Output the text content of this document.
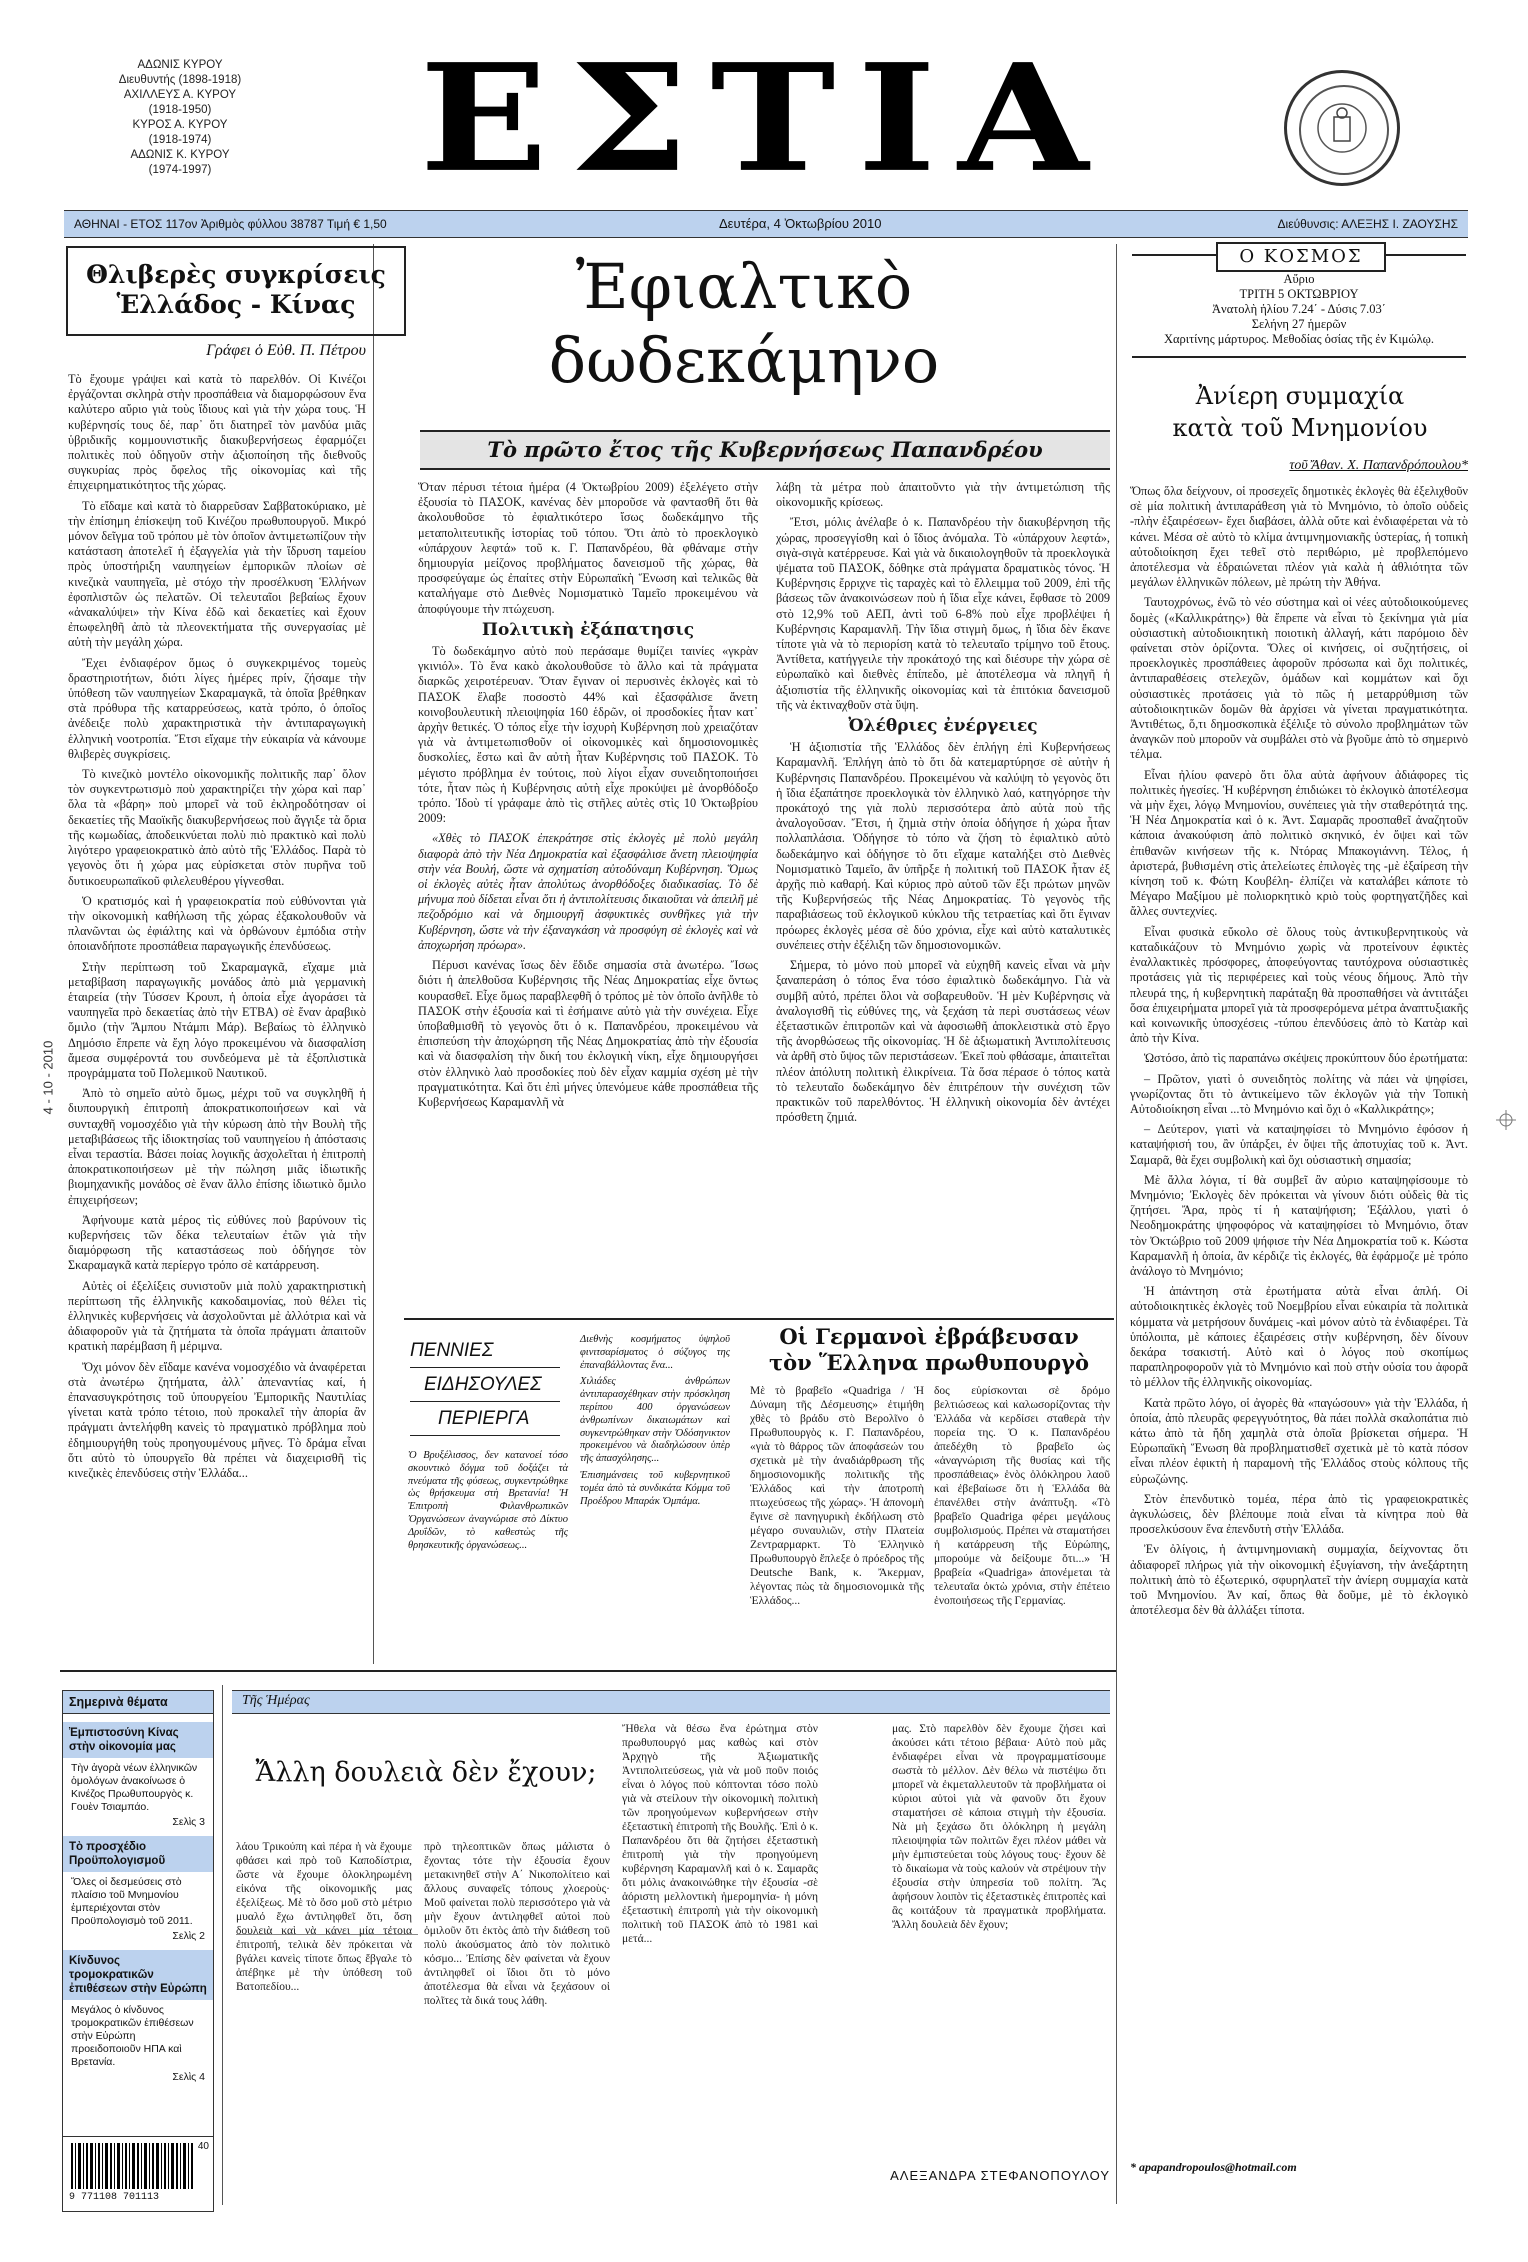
ΑΔΩΝΙΣ ΚΥΡΟΥ
Διευθυντής (1898-1918)
ΑΧΙΛΛΕΥΣ Α. ΚΥΡΟΥ
(1918-1950)
ΚΥΡΟΣ Α. ΚΥΡΟΥ
(1918-1974)
ΑΔΩΝΙΣ Κ. ΚΥΡΟΥ
(1974-1997) ΕΣΤΙΑ
ΑΘΗΝΑΙ - ΕΤΟΣ 117ον Ἀριθμὸς φύλλου 38787 Τιμή € 1,50	Δευτέρα, 4 Ὀκτωβρίου 2010	Διεύθυνσις: ΑΛΕΞΗΣ Ι. ΖΑΟΥΣΗΣ
Θλιβερὲς συγκρίσεις
Ἑλλάδος - Κίνας
Γράφει ὁ Εὐθ. Π. Πέτρου

Τὸ ἔχουμε γράψει καὶ κατὰ τὸ παρελθόν. Οἱ Κινέζοι ἐργάζονται σκληρὰ στὴν προσπάθεια νὰ διαμορφώσουν ἕνα καλύτερο αὔριο γιὰ τοὺς ἴδιους καὶ γιὰ τὴν χώρα τους. Ἡ κυβέρνησίς τους δέ, παρ᾽ ὅτι διατηρεῖ τὸν μανδύα μιᾶς ὑβριδικῆς κομμουνιστικῆς διακυβερνήσεως ἐφαρμόζει πολιτικὲς ποὺ ὁδηγοῦν στὴν ἀξιοποίηση τῆς διεθνοῦς συγκυρίας πρὸς ὄφελος τῆς οἰκονομίας καὶ τῆς ἐπιχειρηματικότητος τῆς χώρας.

Τὸ εἴδαμε καὶ κατὰ τὸ διαρρεῦσαν Σαββατοκύριακο, μὲ τὴν ἐπίσημη ἐπίσκεψη τοῦ Κινέζου πρωθυπουργοῦ. Μικρό μόνον δεῖγμα τοῦ τρόπου μὲ τὸν ὁποῖον ἀντιμετωπίζουν τὴν κατάσταση ἀποτελεῖ ἡ ἐξαγγελία γιὰ τὴν ἵδρυση ταμείου πρὸς ὑποστήριξη ναυπηγείων ἐμπορικῶν πλοίων σὲ κινεζικὰ ναυπηγεῖα, μὲ στόχο τὴν προσέλκυση Ἑλλήνων ἐφοπλιστῶν ὡς πελατῶν. Οἱ τελευταῖοι βεβαίως ἔχουν «ἀνακαλύψει» τὴν Κίνα ἐδῶ καὶ δεκαετίες καὶ ἔχουν ἐπωφεληθῆ ἀπὸ τὰ πλεονεκτήματα τῆς συνεργασίας μὲ αὐτὴ τὴν μεγάλη χώρα.

Ἔχει ἐνδιαφέρον ὅμως ὁ συγκεκριμένος τομεὺς δραστηριοτήτων, διότι λίγες ἡμέρες πρίν, ζήσαμε τὴν ὑπόθεση τῶν ναυπηγείων Σκαραμαγκᾶ, τὰ ὁποῖα βρέθηκαν στὰ πρόθυρα τῆς καταρρεύσεως, κατὰ τρόπο, ὁ ὁποῖος ἀνέδειξε πολὺ χαρακτηριστικὰ τὴν ἀντιπαραγωγικὴ ἑλληνικὴ νοοτροπία. Ἔτσι εἴχαμε τὴν εὐκαιρία νὰ κάνουμε θλιβερὲς συγκρίσεις.

Τὸ κινεζικὸ μοντέλο οἰκονομικῆς πολιτικῆς παρ᾽ ὅλον τὸν συγκεντρωτισμὸ ποὺ χαρακτηρίζει τὴν χώρα καὶ παρ᾽ ὅλα τὰ «βάρη» ποὺ μπορεῖ νὰ τοῦ ἐκληροδότησαν οἱ δεκαετίες τῆς Μαοϊκῆς διακυβερνήσεως ποὺ ἄγγιξε τὰ ὅρια τῆς κωμωδίας, ἀποδεικνύεται πολὺ πιὸ πρακτικὸ καὶ πολὺ λιγότερο γραφειοκρατικὸ ἀπὸ αὐτὸ τῆς Ἑλλάδος. Παρὰ τὸ γεγονὸς ὅτι ἡ χώρα μας εὑρίσκεται στὸν πυρῆνα τοῦ δυτικοευρωπαϊκοῦ φιλελευθέρου γίγνεσθαι.

Ὁ κρατισμός καὶ ἡ γραφειοκρατία ποὺ εὐθύνονται γιὰ τὴν οἰκονομικὴ καθήλωση τῆς χώρας ἐξακολουθοῦν νὰ πλανῶνται ὡς ἐφιάλτης καὶ νὰ ὀρθώνουν ἐμπόδια στὴν ὁποιανδήποτε προσπάθεια παραγωγικῆς ἐπενδύσεως.

Στὴν περίπτωση τοῦ Σκαραμαγκᾶ, εἴχαμε μιὰ μεταβίβαση παραγωγικῆς μονάδος ἀπὸ μιὰ γερμανικὴ ἑταιρεία (τὴν Τύσσεν Κρουπ, ἡ ὁποία εἶχε ἀγοράσει τὰ ναυπηγεῖα πρὸ δεκαετίας ἀπὸ τὴν ΕΤΒΑ) σὲ ἕναν ἀραβικὸ ὅμιλο (τὴν Ἄμπου Ντάμπι Μάρ). Βεβαίως τὸ ἑλληνικὸ Δημόσιο ἔπρεπε νὰ ἔχη λόγο προκειμένου νὰ διασφαλίση ἄμεσα συμφέροντά του συνδεόμενα μὲ τὰ ἐξοπλιστικὰ προγράμματα τοῦ Πολεμικοῦ Ναυτικοῦ.

Ἀπὸ τὸ σημεῖο αὐτὸ ὅμως, μέχρι τοῦ να συγκληθῆ ἡ διυπουργικὴ ἐπιτροπὴ ἀποκρατικοποιήσεων καὶ νὰ συνταχθῆ νομοσχέδιο γιὰ τὴν κύρωση ἀπὸ τὴν Βουλὴ τῆς μεταβιβάσεως τῆς ἰδιοκτησίας τοῦ ναυπηγείου ἡ ἀπόστασις εἶναι τεραστία. Βάσει ποίας λογικῆς ἀσχολεῖται ἡ ἐπιτροπὴ ἀποκρατικοποιήσεων μὲ τὴν πώληση μιᾶς ἰδιωτικῆς βιομηχανικῆς μονάδος σὲ ἕναν ἄλλο ἐπίσης ἰδιωτικὸ ὅμιλο ἐπιχειρήσεων;

Ἀφήνουμε κατὰ μέρος τὶς εὐθύνες ποὺ βαρύνουν τὶς κυβερνήσεις τῶν δέκα τελευταίων ἐτῶν γιὰ τὴν διαμόρφωση τῆς καταστάσεως ποὺ ὁδήγησε τὸν Σκαραμαγκᾶ κατὰ περίεργο τρόπο σὲ κατάρρευση.

Αὐτὲς οἱ ἐξελίξεις συνιστοῦν μιὰ πολὺ χαρακτηριστικὴ περίπτωση τῆς ἑλληνικῆς κακοδαιμονίας, ποὺ θέλει τὶς ἑλληνικὲς κυβερνήσεις νὰ ἀσχολοῦνται μὲ ἀλλότρια καὶ νὰ ἀδιαφοροῦν γιὰ τὰ ζητήματα τὰ ὁποῖα πράγματι ἀπαιτοῦν κρατικὴ παρέμβαση ἢ μέριμνα.

Ὄχι μόνον δὲν εἴδαμε κανένα νομοσχέδιο νὰ ἀναφέρεται στὰ ἀνωτέρω ζητήματα, ἀλλ᾽ ἀπεναντίας καί, ἡ ἐπανασυγκρότησις τοῦ ὑπουργείου Ἐμπορικῆς Ναυτιλίας γίνεται κατὰ τρόπο τέτοιο, ποὺ προκαλεῖ τὴν ἀπορία ἂν πράγματι ἀντελήφθη κανεὶς τὸ πραγματικὸ πρόβλημα ποὺ ἐδημιουργήθη τοὺς προηγουμένους μῆνες. Τὸ δράμα εἶναι ὅτι αὐτὸ τὸ ὑπουργεῖο θὰ πρέπει νὰ διαχειρισθῆ τὶς κινεζικὲς ἐπενδύσεις στὴν Ἑλλάδα...

4 - 10 - 2010
Ἐφιαλτικὸ
δωδεκάμηνο
Τὸ πρῶτο ἔτος τῆς Κυβερνήσεως Παπανδρέου

Ὅταν πέρυσι τέτοια ἡμέρα (4 Ὀκτωβρίου 2009) ἐξελέγετο στὴν ἐξουσία τὸ ΠΑΣΟΚ, κανένας δὲν μποροῦσε νὰ φαντασθῆ ὅτι θὰ ἀκολουθοῦσε τὸ ἐφιαλτικότερο ἴσως δωδεκάμηνο τῆς μεταπολιτευτικῆς ἱστορίας τοῦ τόπου. Ὅτι ἀπὸ τὸ προεκλογικὸ «ὑπάρχουν λεφτά» τοῦ κ. Γ. Παπανδρέου, θὰ φθάναμε στὴν δημιουργία μείζονος προβλήματος δανεισμοῦ τῆς χώρας, θὰ προσφεύγαμε ὡς ἐπαίτες στὴν Εὐρωπαϊκὴ Ἕνωση καὶ τελικῶς θὰ καταλήγαμε στὸ Διεθνὲς Νομισματικὸ Ταμεῖο προκειμένου νὰ ἀποφύγουμε τὴν πτώχευση.

Πολιτικὴ ἐξάπατησις

Τὸ δωδεκάμηνο αὐτὸ ποὺ περάσαμε θυμίζει ταινίες «γκρὰν γκινιόλ». Τὸ ἕνα κακὸ ἀκολουθοῦσε τὸ ἄλλο καὶ τὰ πράγματα διαρκῶς χειροτέρευαν. Ὅταν ἔγιναν οἱ περυσινὲς ἐκλογὲς καὶ τὸ ΠΑΣΟΚ ἔλαβε ποσοστὸ 44% καὶ ἐξασφάλισε ἄνετη κοινοβουλευτικὴ πλειοψηφία 160 ἑδρῶν, οἱ προσδοκίες ἦταν κατ᾽ ἀρχὴν θετικές. Ὁ τόπος εἶχε τὴν ἰσχυρὴ Κυβέρνηση ποὺ χρειαζόταν γιὰ νὰ ἀντιμετωπισθοῦν οἱ οἰκονομικὲς καὶ δημοσιονομικὲς δυσκολίες, ἔστω καὶ ἂν αὐτὴ ἦταν Κυβέρνησις τοῦ ΠΑΣΟΚ. Τὸ μέγιστο πρόβλημα ἐν τούτοις, ποὺ λίγοι εἶχαν συνειδητοποιήσει τότε, ἦταν πὼς ἡ Κυβέρνησις αὐτὴ εἶχε προκύψει μὲ ἀνορθόδοξο τρόπο. Ἰδοὺ τί γράφαμε ἀπὸ τὶς στῆλες αὐτὲς στὶς 10 Ὀκτωβρίου 2009:

«Χθὲς τὸ ΠΑΣΟΚ ἐπεκράτησε στὶς ἐκλογὲς μὲ πολὺ μεγάλη διαφορὰ ἀπὸ τὴν Νέα Δημοκρατία καὶ ἐξασφάλισε ἄνετη πλειοψηφία στὴν νέα Βουλή, ὥστε νὰ σχηματίση αὐτοδύναμη Κυβέρνηση. Ὅμως οἱ ἐκλογὲς αὐτὲς ἦταν ἀπολύτως ἀνορθόδοξες διαδικασίας. Τὸ δὲ μήνυμα ποὺ δίδεται εἶναι ὅτι ἡ ἀντιπολίτευσις δικαιοῦται νὰ ἀπειλῆ μὲ πεζοδρόμιο καὶ νὰ δημιουργῆ ἀσφυκτικὲς συνθῆκες γιὰ τὴν Κυβέρνηση, ὥστε νὰ τὴν ἐξαναγκάση νὰ προσφύγη σὲ ἐκλογὲς καὶ νὰ ἀποχωρήση πρόωρα».

Πέρυσι κανένας ἴσως δὲν ἔδιδε σημασία στὰ ἀνωτέρω. Ἴσως διότι ἡ ἀπελθοῦσα Κυβέρνησις τῆς Νέας Δημοκρατίας εἶχε ὄντως κουρασθεῖ. Εἶχε ὅμως παραβλεφθῆ ὁ τρόπος μὲ τὸν ὁποῖο ἀνῆλθε τὸ ΠΑΣΟΚ στὴν ἐξουσία καὶ τὶ ἐσήμαινε αὐτὸ γιὰ τὴν συνέχεια. Εἶχε ὑποβαθμισθῆ τὸ γεγονὸς ὅτι ὁ κ. Παπανδρέου, προκειμένου νὰ ἐπισπεύση τὴν ἀποχώρηση τῆς Νέας Δημοκρατίας ἀπὸ τὴν ἐξουσία καὶ νὰ διασφαλίση τὴν δική του ἐκλογικὴ νίκη, εἶχε δημιουργήσει στὸν ἑλληνικὸ λαὸ προσδοκίες ποὺ δὲν εἶχαν καμμία σχέση μὲ τὴν πραγματικότητα. Καὶ ὅτι ἐπὶ μήνες ὑπενόμευε κάθε προσπάθεια τῆς Κυβερνήσεως Καραμανλῆ νὰ

λάβη τὰ μέτρα ποὺ ἀπαιτοῦντο γιὰ τὴν ἀντιμετώπιση τῆς οἰκονομικῆς κρίσεως.

Ἔτσι, μόλις ἀνέλαβε ὁ κ. Παπανδρέου τὴν διακυβέρνηση τῆς χώρας, προσεγγίσθη καὶ ὁ ἴδιος ἀνόμαλα. Τὸ «ὑπάρχουν λεφτά», σιγὰ-σιγὰ κατέρρευσε. Καὶ γιὰ νὰ δικαιολογηθοῦν τὰ προεκλογικὰ ψέματα τοῦ ΠΑΣΟΚ, δόθηκε στὰ πράγματα δραματικὸς τόνος. Ἡ Κυβέρνησις ἔρριχνε τὶς ταραχὲς καὶ τὸ ἔλλειμμα τοῦ 2009, ἐπὶ τῆς βάσεως τῶν ἀνακοινώσεων ποὺ ἡ ἴδια εἶχε κάνει, ἔφθασε τὸ 2009 στὸ 12,9% τοῦ ΑΕΠ, ἀντὶ τοῦ 6-8% ποὺ εἶχε προβλέψει ἡ Κυβέρνησις Καραμανλῆ. Τὴν ἴδια στιγμὴ ὅμως, ἡ ἴδια δὲν ἔκανε τίποτε γιὰ νὰ τὸ περιορίση κατὰ τὸ τελευταῖο τρίμηνο τοῦ ἔτους. Ἀντίθετα, κατήγγειλε τὴν προκάτοχό της καὶ διέσυρε τὴν χώρα σὲ εὐρωπαϊκὸ καὶ διεθνὲς ἐπίπεδο, μὲ ἀποτέλεσμα νὰ πληγῆ ἡ ἀξιοπιστία τῆς ἑλληνικῆς οἰκονομίας καὶ τὰ ἐπιτόκια δανεισμοῦ τῆς νὰ ἐκτιναχθοῦν στὰ ὕψη.

Ὀλέθριες ἐνέργειες

Ἡ ἀξιοπιστία τῆς Ἑλλάδος δὲν ἐπλήγη ἐπὶ Κυβερνήσεως Καραμανλῆ. Ἐπλήγη ἀπὸ τὸ ὅτι δὰ κατεμαρτύρησε σὲ αὐτὴν ἡ Κυβέρνησις Παπανδρέου. Προκειμένου νὰ καλύψη τὸ γεγονὸς ὅτι ἡ ἴδια ἐξαπάτησε προεκλογικὰ τὸν ἑλληνικὸ λαό, κατηγόρησε τὴν προκάτοχό της γιὰ πολὺ περισσότερα ἀπὸ αὐτὰ ποὺ τῆς ἀναλογοῦσαν. Ἔτσι, ἡ ζημιὰ στὴν ὁποία ὁδήγησε ἡ χώρα ἦταν πολλαπλάσια. Ὁδήγησε τὸ τόπο νὰ ζήση τὸ ἐφιαλτικὸ αὐτὸ δωδεκάμηνο καὶ ὁδήγησε τὸ ὅτι εἴχαμε καταλήξει στὸ Διεθνὲς Νομισματικὸ Ταμεῖο, ἂν ὑπῆρξε ἡ πολιτική τοῦ ΠΑΣΟΚ ἦταν ἐξ ἀρχῆς πιὸ καθαρή. Καὶ κύριος πρὸ αὐτοῦ τῶν ἔξι πρώτων μηνῶν τῆς Κυβερνήσεώς τῆς Νέας Δημοκρατίας. Τὸ γεγονὸς τῆς παραβιάσεως τοῦ ἐκλογικοῦ κύκλου τῆς τετραετίας καὶ ὅτι ἔγιναν πρόωρες ἐκλογὲς μέσα σὲ δύο χρόνια, εἶχε καὶ αὐτὸ καταλυτικὲς συνέπειες στὴν ἐξέλιξη τῶν δημοσιονομικῶν.

Σήμερα, τὸ μόνο ποὺ μπορεῖ νὰ εὐχηθῆ κανεὶς εἶναι νὰ μὴν ξαναπεράση ὁ τόπος ἕνα τόσο ἐφιαλτικὸ δωδεκάμηνο. Γιὰ νὰ συμβῆ αὐτό, πρέπει ὅλοι νὰ σοβαρευθοῦν. Ἡ μὲν Κυβέρνησις νὰ ἀναλογισθῆ τὶς εὐθύνες της, νὰ ξεχάση τὰ περὶ συστάσεως νέων ἐξεταστικῶν ἐπιτροπῶν καὶ νὰ ἀφοσιωθῆ ἀποκλειστικὰ στὸ ἔργο τῆς ἀνορθώσεως τῆς οἰκονομίας. Ἡ δὲ ἀξιωματικὴ Ἀντιπολίτευσις νὰ ἀρθῆ στὸ ὕψος τῶν περιστάσεων. Ἐκεῖ ποὺ φθάσαμε, ἀπαιτεῖται πλέον ἀπόλυτη πολιτικὴ ἐλικρίνεια. Τὰ ὅσα πέρασε ὁ τόπος κατὰ τὸ τελευταῖο δωδεκάμηνο δὲν ἐπιτρέπουν τὴν συνέχιση τῶν πρακτικῶν τοῦ παρελθόντος. Ἡ ἑλληνικὴ οἰκονομία δὲν ἀντέχει πρόσθετη ζημιά.

ΠΕΝΝΙΕΣ
ΕΙΔΗΣΟΥΛΕΣ
ΠΕΡΙΕΡΓΑ

Ὁ Βρυξέλισσος, δεν κατανοεί τόσο σκουντικὸ δόγμα τοῦ δοξάζει τὰ πνεύματα τῆς φύσεως, συγκεντρώθηκε ὡς θρήσκευμα στὴ Βρετανία! Ἡ Ἐπιτροπὴ Φιλανθρωπικῶν Ὀργανώσεων ἀναγνώρισε στὸ Δίκτυο Δρυΐδῶν, τὸ καθεστὼς τῆς θρησκευτικῆς ὀργανώσεως...

Διεθνὴς κοσμήματος ὑψηλοῦ φινιτσαρίσματος ὁ σύζυγος της ἐπαναβάλλοντας ἕνα...

Χιλιάδες ἀνθρώπων ἀντιπαρασχέθηκαν στὴν πρόσκληση περίπου 400 ὀργανώσεων ἀνθρωπίνων δικαιωμάτων καὶ συγκεντρώθηκαν στὴν Ὀδόσηνικτον προκειμένου νὰ διαδηλώσουν ὑπὲρ τῆς ἀπασχόλησης...

Ἐπισημάνσεις τοῦ κυβερνητικοῦ τομέα ἀπὸ τὰ συνδικάτα Κόμμα τοῦ Προέδρου Μπαράκ Ὀμπάμα.

Οἱ Γερμανοὶ ἐβράβευσαν
τὸν Ἕλληνα πρωθυπουργὸ

Μὲ τὸ βραβεῖο «Quadriga / Ἡ Δύναμη τῆς Δέσμευσης» ἐτιμήθη χθὲς τὸ βράδυ στὸ Βερολῖνο ὁ Πρωθυπουργὸς κ. Γ. Παπανδρέου, «γιὰ τὸ θάρρος τῶν ἀποφάσεών του σχετικὰ μὲ τὴν ἀναδιάρθρωση τῆς δημοσιονομικῆς πολιτικῆς τῆς Ἑλλάδος καὶ τὴν ἀποτροπὴ πτωχεύσεως τῆς χώρας». Ἡ ἀπονομὴ ἔγινε σὲ πανηγυρικὴ ἐκδήλωση στὸ μέγαρο συναυλιῶν, στὴν Πλατεία Ζεντραρμαρκτ. Τὸ Ἑλληνικὸ Πρωθυπουργὸ ἔπλεξε ὁ πρόεδρος τῆς Deutsche Bank, κ. Ἄκερμαν, λέγοντας πὼς τὰ δημοσιονομικὰ τῆς Ἑλλάδος...

δος εὑρίσκονται σὲ δρόμο βελτιώσεως καὶ καλωσορίζοντας τὴν Ἑλλάδα νὰ κερδίσει σταθερὰ τὴν πορεία της. Ὁ κ. Παπανδρέου ἀπεδέχθη τὸ βραβεῖο ὡς «ἀναγνώριση τῆς θυσίας καὶ τῆς προσπάθειας» ἑνὸς ὁλόκληρου λαοῦ καὶ ἐβεβαίωσε ὅτι ἡ Ἑλλάδα θὰ ἐπανέλθει στὴν ἀνάπτυξη. «Τὸ βραβεῖο Quadriga φέρει μεγάλους συμβολισμούς. Πρέπει νὰ σταματήσει ἡ κατάρρευση τῆς Εὐρώπης, μπορούμε νὰ δείξουμε ὅτι...» Ἡ βραβεία «Quadriga» ἀπονέμεται τὰ τελευταῖα ὀκτὼ χρόνια, στὴν ἐπέτειο ἑνοποιήσεως τῆς Γερμανίας.

Ο ΚΟΣΜΟΣ
Αὔριο
ΤΡΙΤΗ 5 ΟΚΤΩΒΡΙΟΥ
Ἀνατολὴ ἡλίου 7.24΄ - Δύσις 7.03΄
Σελήνη 27 ἡμερῶν
Χαριτίνης μάρτυρος. Μεθοδίας ὁσίας τῆς ἐν Κιμώλῳ.
Ἀνίερη συμμαχία
κατὰ τοῦ Μνημονίου
τοῦ Ἄθαν. Χ. Παπανδρόπουλου*

Ὅπως ὅλα δείχνουν, οἱ προσεχεῖς δημοτικὲς ἐκλογὲς θὰ ἐξελιχθοῦν σὲ μία πολιτικὴ ἀντιπαράθεση γιὰ τὸ Μνημόνιο, τὸ ὁποῖο οὐδεὶς -πλὴν ἐξαιρέσεων- ἔχει διαβάσει, ἀλλὰ οὔτε καὶ ἐνδιαφέρεται νὰ τὸ κάνει. Μέσα σὲ αὐτὸ τὸ κλίμα ἀντιμνημονιακῆς ὑστερίας, ἡ τοπικὴ αὐτοδιοίκηση ἔχει τεθεῖ στὸ περιθώριο, μὲ προβλεπόμενο ἀποτέλεσμα νὰ ἑδραιώνεται πλέον γιὰ καλὰ ἡ ἀθλιότητα τῶν μεγάλων ἑλληνικῶν πόλεων, μὲ πρώτη τὴν Ἀθήνα.

Ταυτοχρόνως, ἐνῶ τὸ νέο σύστημα καὶ οἱ νέες αὐτοδιοικούμενες δομὲς («Καλλικράτης») θὰ ἔπρεπε νὰ εἶναι τὸ ξεκίνημα γιὰ μία οὐσιαστικὴ αὐτοδιοικητικὴ ποιοτικὴ ἀλλαγή, κάτι παρόμοιο δὲν φαίνεται στὸν ὁρίζοντα. Ὅλες οἱ κινήσεις, οἱ συζητήσεις, οἱ προεκλογικὲς προσπάθειες ἀφοροῦν πρόσωπα καὶ ὄχι πολιτικές, ἀντιπαραθέσεις στελεχῶν, ὁμάδων καὶ κομμάτων καὶ ὄχι οὐσιαστικὲς προτάσεις γιὰ τὸ πῶς ἡ μεταρρύθμιση τῶν αὐτοδιοικητικῶν δομῶν θὰ ἀρχίσει νὰ γίνεται πραγματικότητα. Ἀντιθέτως, ὅ,τι δημοσκοπικὰ ἐξέλιξε τὸ σύνολο προβλημάτων τῶν ἀναγκῶν ποὺ μποροῦν νὰ συμβάλει στὸ νὰ βγοῦμε ἀπὸ τὸ σημερινὸ τέλμα.

Εἶναι ἠλίου φανερὸ ὅτι ὅλα αὐτὰ ἀφήνουν ἀδιάφορες τὶς πολιτικὲς ἡγεσίες. Ἡ κυβέρνηση ἐπιδιώκει τὸ ἐκλογικὸ ἀποτέλεσμα νὰ μὴν ἔχει, λόγῳ Μνημονίου, συνέπειες γιὰ τὴν σταθερότητά της. Ἡ Νέα Δημοκρατία καὶ ὁ κ. Ἀντ. Σαμαρᾶς προσπαθεῖ ἀναζητοῦν κάποια ἀνακούφιση ἀπὸ πολιτικὸ σκηνικό, ἐν ὄψει καὶ τῶν ἐπιθανῶν κινήσεων τῆς κ. Ντόρας Μπακογιάννη. Τέλος, ἡ ἀριστερά, βυθισμένη στὶς ἀτελείωτες ἐπιλογὲς της -μὲ ἐξαίρεση τὴν κίνηση τοῦ κ. Φώτη Κουβέλη- ἐλπίζει νὰ καταλάβει κάποτε τὸ Μέγαρο Μαξίμου μὲ πολιορκητικὸ κριὸ τοὺς φορτηγατζῆδες καὶ ἄλλες συντεχνίες.

Εἶναι φυσικὰ εὔκολο σὲ ὅλους τοὺς ἀντικυβερνητικοὺς νὰ καταδικάζουν τὸ Μνημόνιο χωρὶς νὰ προτείνουν ἐφικτὲς ἐναλλακτικὲς πρόσφορες, ἀποφεύγοντας ταυτόχρονα οὐσιαστικὲς προτάσεις γιὰ τὶς περιφέρειες καὶ τοὺς νέους δήμους. Ἀπὸ τὴν πλευρά της, ἡ κυβερνητικὴ παράταξη θὰ προσπαθήσει νὰ ἀντιτάξει ὅσα ἐπιχειρήματα μπορεῖ γιὰ τὰ προσφερόμενα μέτρα ἀναπτυξιακῆς καὶ κοινωνικῆς ὑποσχέσεις -τύπου ἐπενδύσεις ἀπὸ τὸ Κατὰρ καὶ ἀπὸ τὴν Κίνα.

Ὡστόσο, ἀπὸ τὶς παραπάνω σκέψεις προκύπτουν δύο ἐρωτήματα:

– Πρῶτον, γιατὶ ὁ συνειδητὸς πολίτης νὰ πάει νὰ ψηφίσει, γνωρίζοντας ὅτι τὸ ἀντικείμενο τῶν ἐκλογῶν γιὰ τὴν Τοπικὴ Αὐτοδιοίκηση εἶναι ...τὸ Μνημόνιο καὶ ὄχι ὁ «Καλλικράτης»;

– Δεύτερον, γιατὶ νὰ καταψηφίσει τὸ Μνημόνιο ἐφόσον ἡ καταψήφισή του, ἂν ὑπάρξει, ἐν ὄψει τῆς ἀποτυχίας τοῦ κ. Ἀντ. Σαμαρᾶ, θὰ ἔχει συμβολικὴ καὶ ὄχι οὐσιαστικὴ σημασία;

Μὲ ἄλλα λόγια, τί θὰ συμβεῖ ἂν αὐριο καταψηφίσουμε τὸ Μνημόνιο; Ἐκλογὲς δὲν πρόκειται νὰ γίνουν διότι οὐδεὶς θὰ τὶς ζητήσει. Ἄρα, πρὸς τί ἡ καταψήφιση; Ἐξάλλου, γιατὶ ὁ Νεοδημοκράτης ψηφοφόρος νὰ καταψηφίσει τὸ Μνημόνιο, ὅταν τὸν Ὀκτώβριο τοῦ 2009 ψήφισε τὴν Νέα Δημοκρατία τοῦ κ. Κώστα Καραμανλῆ ἡ ὁποία, ἂν κέρδιζε τὶς ἐκλογές, θὰ ἐφάρμοζε μὲ τρόπο ἀνάλογο τὸ Μνημόνιο;

Ἡ ἀπάντηση στὰ ἐρωτήματα αὐτὰ εἶναι ἁπλή. Οἱ αὐτοδιοικητικὲς ἐκλογὲς τοῦ Νοεμβρίου εἶναι εὐκαιρία τὰ πολιτικὰ κόμματα νὰ μετρήσουν δυνάμεις -καὶ μόνον αὐτὸ τὰ ἐνδιαφέρει. Τὰ ὑπόλοιπα, μὲ κάποιες ἐξαιρέσεις στὴν κυβέρνηση, δὲν δίνουν δεκάρα τσακιστή. Αὐτὸ καὶ ὁ λόγος ποὺ σκοπίμως παραπληροφοροῦν γιὰ τὸ Μνημόνιο καὶ ποὺ στὴν οὐσία του ἀφορᾶ τὸ μέλλον τῆς ἑλληνικῆς οἰκονομίας.

Κατὰ πρῶτο λόγο, οἱ ἀγορὲς θὰ «παγώσουν» γιὰ τὴν Ἑλλάδα, ἡ ὁποία, ἀπὸ πλευρᾶς φερεγγυότητος, θὰ πάει πολλὰ σκαλοπάτια πιὸ κάτω ἀπὸ τὰ ἤδη χαμηλὰ στὰ ὁποῖα βρίσκεται σήμερα. Ἡ Εὐρωπαϊκὴ Ἕνωση θὰ προβληματισθεῖ σχετικὰ μὲ τὸ κατὰ πόσον εἶναι πλέον ἐφικτὴ ἡ παραμονὴ τῆς Ἑλλάδος στοὺς κόλπους τῆς εὐρωζώνης.

Στὸν ἐπενδυτικὸ τομέα, πέρα ἀπὸ τὶς γραφειοκρατικὲς ἀγκυλώσεις, δὲν βλέπουμε ποιὰ εἶναι τὰ κίνητρα ποὺ θὰ προσελκύσουν ἕνα ἐπενδυτὴ στὴν Ἑλλάδα.

Ἐν ὀλίγοις, ἡ ἀντιμνημονιακὴ συμμαχία, δείχνοντας ὅτι ἀδιαφορεῖ πλήρως γιὰ τὴν οἰκονομικὴ ἐξυγίανση, τὴν ἀνεξάρτητη πολιτικὴ ἀπὸ τὸ ἐξωτερικό, σφυρηλατεῖ τὴν ἀνίερη συμμαχία κατὰ τοῦ Μνημονίου. Ἀν καί, ὅπως θὰ δοῦμε, μὲ τὸ ἐκλογικὸ ἀποτέλεσμα δὲν θὰ ἀλλάξει τίποτα.

* apapandropoulos@hotmail.com
Σημερινὰ θέματα
Ἐμπιστοσύνη Κίνας στὴν οἰκονομία μας
Τὴν ἀγορὰ νέων ἑλληνικῶν ὁμολόγων ἀνακοίνωσε ὁ Κινέζος Πρωθυπουργὸς κ. Γουὲν Τσιαμπάο.
Σελὶς 3
Τὸ προσχέδιο Προϋπολογισμοῦ
Ὅλες οἱ δεσμεύσεις στὸ πλαίσιο τοῦ Μνημονίου ἐμπεριέχονται στὸν Προϋπολογισμὸ τοῦ 2011.
Σελὶς 2
Κίνδυνος τρομοκρατικῶν ἐπιθέσεων στὴν Εὐρώπη
Μεγάλος ὁ κίνδυνος τρομοκρατικῶν ἐπιθέσεων στὴν Εὐρώπη προειδοποιοῦν ΗΠΑ καὶ Βρετανία.
Σελὶς 4
40
9 771108 701113
Τῆς Ἡμέρας

Ἤθελα νὰ θέσω ἕνα ἐρώτημα στὸν πρωθυπουργό μας καθὼς καὶ στὸν Ἀρχηγὸ τῆς Ἀξιωματικῆς Ἀντιπολιτεύσεως, γιὰ νὰ μοῦ ποῦν ποιός εἶναι ὁ λόγος ποὺ κόπτονται τόσο πολὺ γιὰ νὰ στείλουν τὴν οἰκονομικὴ πολιτικὴ τῶν προηγούμενων κυβερνήσεων στὴν ἐξεταστικὴ ἐπιτροπὴ τῆς Βουλῆς. Ἐπὶ ὁ κ. Παπανδρέου ὅτι θὰ ζητήσει ἐξεταστικὴ ἐπιτροπὴ γιὰ τὴν προηγούμενη κυβέρνηση Καραμανλῆ καὶ ὁ κ. Σαμαρᾶς ὅτι μόλις ἀνακοινώθηκε τὴν ἐξουσία -σὲ ἀόριστη μελλοντικὴ ἡμερομηνία- ἡ μόνη ἐξεταστικὴ ἐπιτροπὴ γιὰ τὴν οἰκονομικὴ πολιτικὴ τοῦ ΠΑΣΟΚ ἀπὸ τὸ 1981 καὶ μετά...

Ἄλλη δουλειὰ δὲν ἔχουν;

λάου Τρικούπη καὶ πέρα ἡ νὰ ἔχουμε φθάσει καὶ πρὸ τοῦ Καποδίστρια, ὥστε νὰ ἔχουμε ὁλοκληρωμένη εἰκόνα τῆς οἰκονομικῆς μας ἐξελίξεως. Μὲ τὸ ὅσο μοῦ στὸ μέτριο μυαλό ἔχω ἀντιληφθεῖ ὅτι, ὅση δουλειὰ καὶ νὰ κάνει μία τέτοια ἐπιτροπή, τελικὰ δὲν πρόκειται νὰ βγάλει κανεὶς τίποτε ὅπως ἔβγαλε τὸ ἀπέβηκε μὲ τὴν ὑπόθεση τοῦ Βατοπεδίου...

πρὸ τηλεοπτικῶν ὅπως μάλιστα ὁ ἔχοντας τότε τὴν ἐξουσία ἔχουν μετακινηθεῖ στὴν Α΄ Νικοπολίτειο καὶ ἄλλους συναφεῖς τόπους χλοεροὺς· Μοῦ φαίνεται πολὺ περισσότερο γιὰ νὰ μὴν ἔχουν ἀντιληφθεῖ αὐτοὶ ποὺ ὁμιλοῦν ὅτι ἐκτὸς ἀπὸ τὴν διάθεση τοῦ πολὺ ἀκούσματος ἀπὸ τὸν πολιτικὸ κόσμο... Ἐπίσης δὲν φαίνεται νὰ ἔχουν ἀντιληφθεῖ οἱ ἴδιοι ὅτι τὸ μόνο ἀποτέλεσμα θὰ εἶναι νὰ ξεχάσουν οἱ πολῖτες τὰ δικά τους λάθη.

μας. Στὸ παρελθὸν δὲν ἔχουμε ζήσει καὶ ἀκούσει κάτι τέτοιο βέβαια· Αὐτὸ ποὺ μᾶς ἐνδιαφέρει εἶναι νὰ προγραμματίσουμε σωστὰ τὸ μέλλον. Δὲν θέλω νὰ πιστέψω ὅτι μπορεῖ νὰ ἐκμεταλλευτοῦν τὰ προβλήματα οἱ κύριοι αὐτοὶ γιὰ νὰ φανοῦν ὅτι ἔχουν σταματήσει σὲ κάποια στιγμὴ τὴν ἐξουσία. Νὰ μὴ ξεχάσω ὅτι ὁλόκληρη ἡ μεγάλη πλειοψηφία τῶν πολιτῶν ἔχει πλέον μάθει νὰ μὴν ἐμπιστεύεται τοὺς λόγους τους· ἔχουν δὲ τὸ δικαίωμα νὰ τοὺς καλούν νὰ στρέψουν τὴν ἐξουσία στὴν ὑπηρεσία τοῦ πολίτη. Ἂς ἀφήσουν λοιπὸν τὶς ἐξεταστικὲς ἐπιτροπὲς καὶ ἂς κοιτάξουν τὰ πραγματικὰ προβλήματα. Ἄλλη δουλειὰ δὲν ἔχουν;

ΑΛΕΞΑΝΔΡΑ ΣΤΕΦΑΝΟΠΟΥΛΟΥ
